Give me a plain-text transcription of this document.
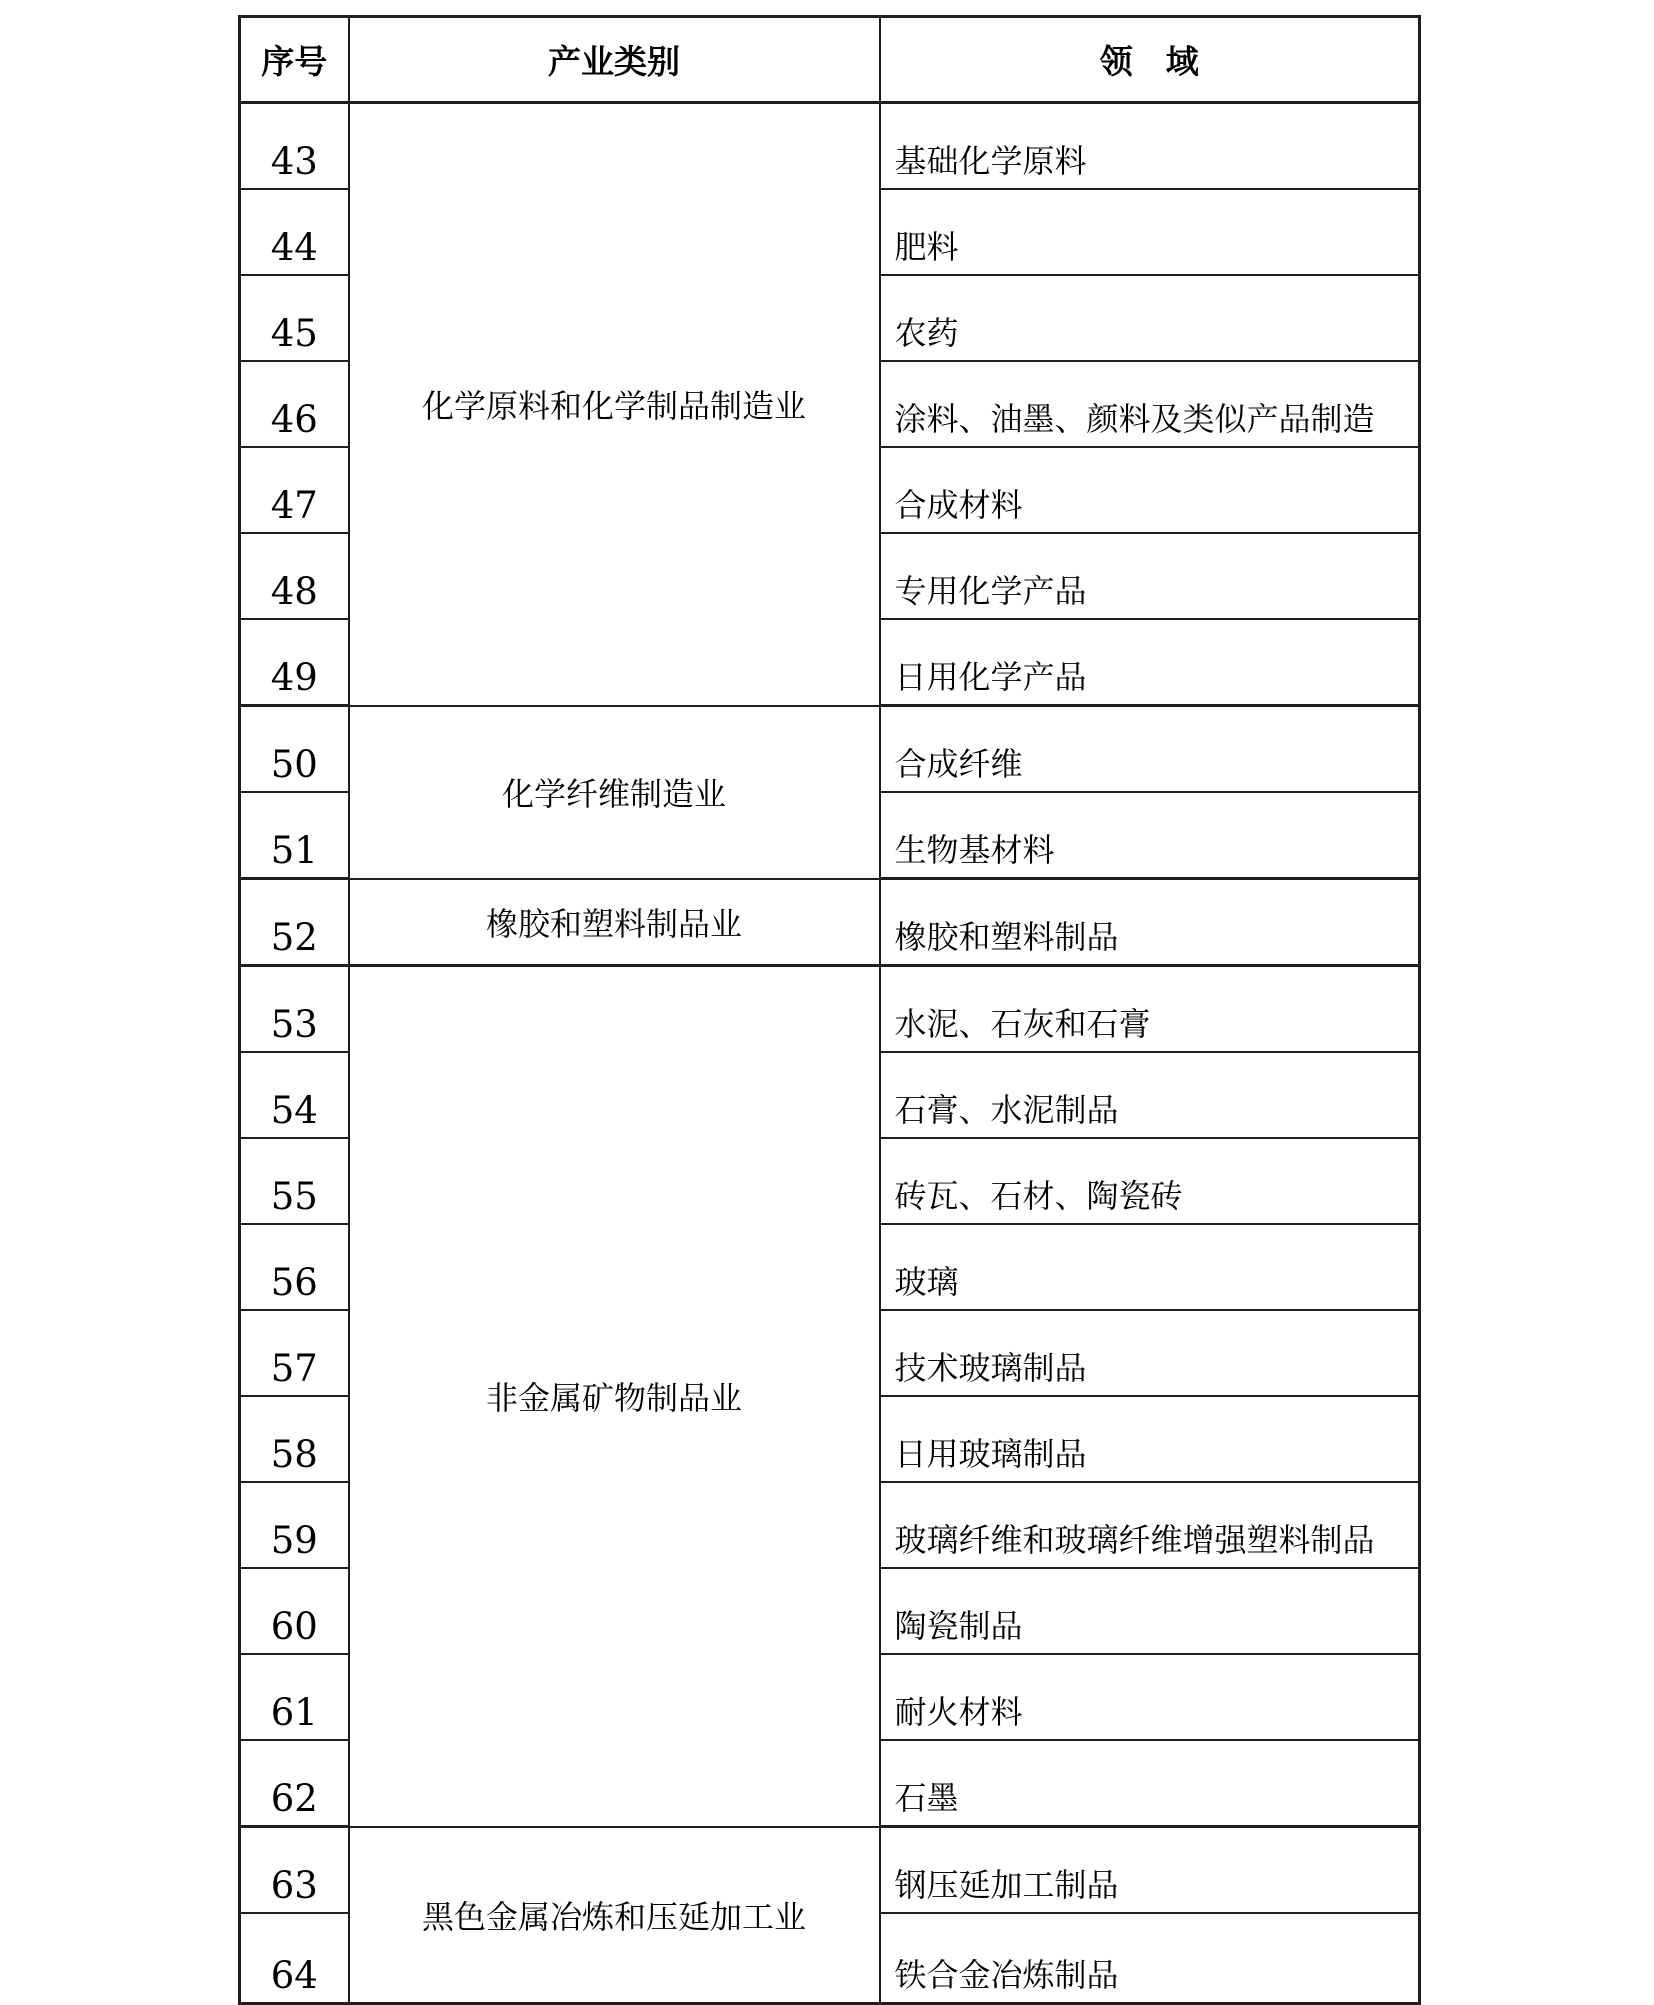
序号	产业类别	领　域
43	化学原料和化学制品制造业	基础化学原料
44		肥料
45		农药
46		涂料、油墨、颜料及类似产品制造
47		合成材料
48		专用化学产品
49		日用化学产品
50	化学纤维制造业	合成纤维
51		生物基材料
52	橡胶和塑料制品业	橡胶和塑料制品
53	非金属矿物制品业	水泥、石灰和石膏
54		石膏、水泥制品
55		砖瓦、石材、陶瓷砖
56		玻璃
57		技术玻璃制品
58		日用玻璃制品
59		玻璃纤维和玻璃纤维增强塑料制品
60		陶瓷制品
61		耐火材料
62		石墨
63	黑色金属冶炼和压延加工业	钢压延加工制品
64		铁合金冶炼制品
